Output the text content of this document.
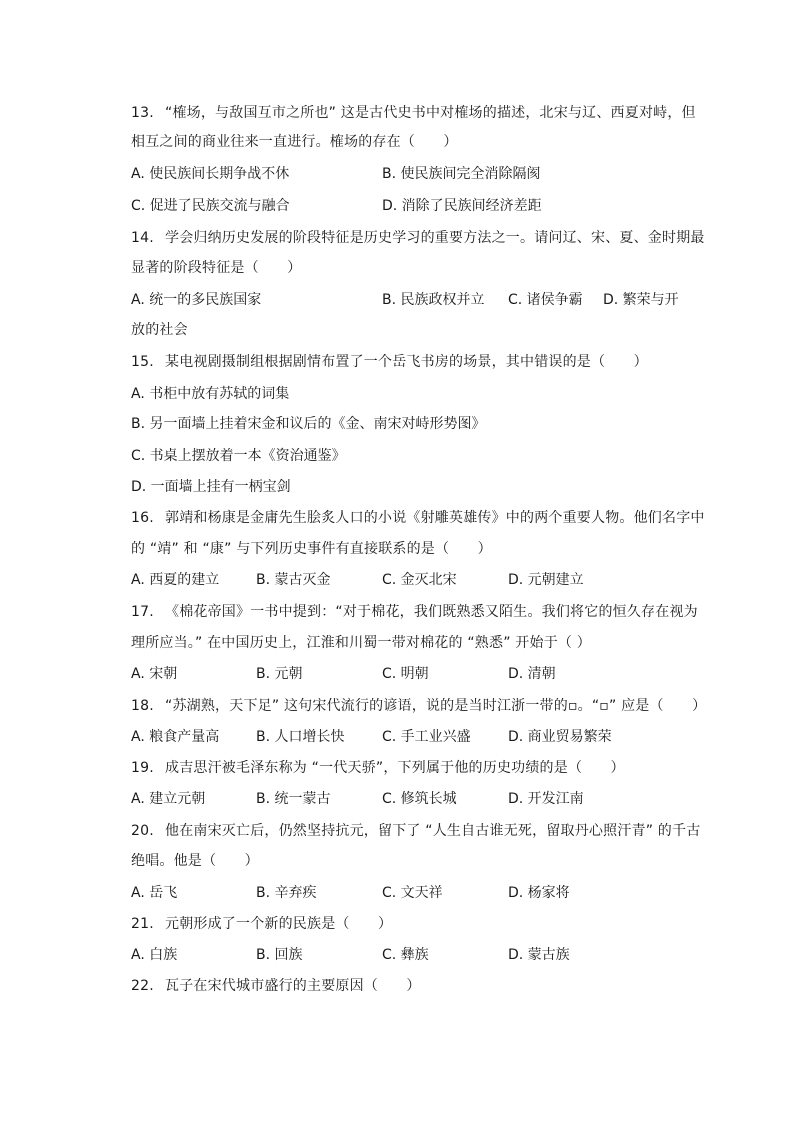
13. “榷场，与敌国互市之所也” 这是古代史书中对榷场的描述，北宋与辽、西夏对峙，但
相互之间的商业往来一直进行。榷场的存在（　　）
A. 使民族间长期争战不休	B. 使民族间完全消除隔阂
C. 促进了民族交流与融合	D. 消除了民族间经济差距
14. 学会归纳历史发展的阶段特征是历史学习的重要方法之一。请问辽、宋、夏、金时期最
显著的阶段特征是（　　）
A. 统一的多民族国家	B. 民族政权并立 C. 诸侯争霸 D. 繁荣与开
放的社会
15. 某电视剧摄制组根据剧情布置了一个岳飞书房的场景，其中错误的是（　　）
A. 书柜中放有苏轼的词集
B. 另一面墙上挂着宋金和议后的《金、南宋对峙形势图》
C. 书桌上摆放着一本《资治通鉴》
D. 一面墙上挂有一柄宝剑
16. 郭靖和杨康是金庸先生脍炙人口的小说《射雕英雄传》中的两个重要人物。他们名字中
的 “靖” 和 “康” 与下列历史事件有直接联系的是（　　）
A. 西夏的建立	B. 蒙古灭金	C. 金灭北宋	D. 元朝建立
17. 《棉花帝国》一书中提到：“对于棉花，我们既熟悉又陌生。我们将它的恒久存在视为
理所应当。” 在中国历史上，江淮和川蜀一带对棉花的 “熟悉” 开始于（ ）
A. 宋朝	B. 元朝	C. 明朝	D. 清朝
18. “苏湖熟，天下足” 这句宋代流行的谚语，说的是当时江浙一带的▫。“▫” 应是（　　）
A. 粮食产量高	B. 人口增长快	C. 手工业兴盛	D. 商业贸易繁荣
19. 成吉思汗被毛泽东称为 “一代天骄”，下列属于他的历史功绩的是（　　）
A. 建立元朝	B. 统一蒙古	C. 修筑长城	D. 开发江南
20. 他在南宋灭亡后，仍然坚持抗元，留下了 “人生自古谁无死，留取丹心照汗青” 的千古
绝唱。他是（　　）
A. 岳飞	B. 辛弃疾	C. 文天祥	D. 杨家将
21. 元朝形成了一个新的民族是（　　）
A. 白族	B. 回族	C. 彝族	D. 蒙古族
22. 瓦子在宋代城市盛行的主要原因（　　）
